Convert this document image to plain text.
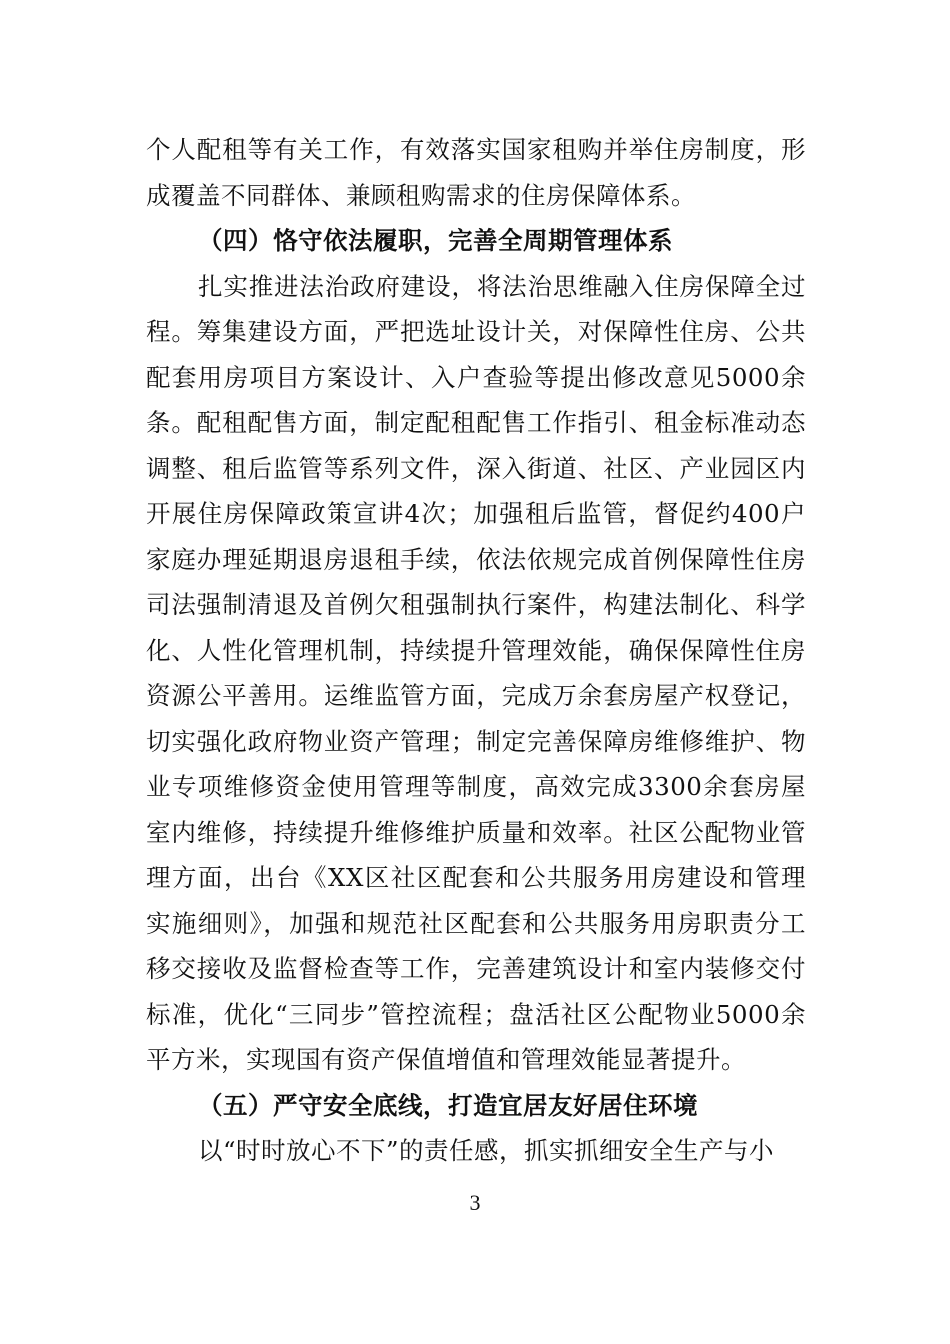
个人配租等有关工作，有效落实国家租购并举住房制度，形成覆盖不同群体、兼顾租购需求的住房保障体系。

（四）恪守依法履职，完善全周期管理体系

扎实推进法治政府建设，将法治思维融入住房保障全过程。筹集建设方面，严把选址设计关，对保障性住房、公共配套用房项目方案设计、入户查验等提出修改意见5000余条。配租配售方面，制定配租配售工作指引、租金标准动态调整、租后监管等系列文件，深入街道、社区、产业园区内开展住房保障政策宣讲4次；加强租后监管，督促约400户家庭办理延期退房退租手续，依法依规完成首例保障性住房司法强制清退及首例欠租强制执行案件，构建法制化、科学化、人性化管理机制，持续提升管理效能，确保保障性住房资源公平善用。运维监管方面，完成万余套房屋产权登记，切实强化政府物业资产管理；制定完善保障房维修维护、物业专项维修资金使用管理等制度，高效完成3300余套房屋室内维修，持续提升维修维护质量和效率。社区公配物业管理方面，出台《XX区社区配套和公共服务用房建设和管理实施细则》，加强和规范社区配套和公共服务用房职责分工移交接收及监督检查等工作，完善建筑设计和室内装修交付标准，优化“三同步”管控流程；盘活社区公配物业5000余平方米，实现国有资产保值增值和管理效能显著提升。

（五）严守安全底线，打造宜居友好居住环境

以“时时放心不下”的责任感，抓实抓细安全生产与小

3
